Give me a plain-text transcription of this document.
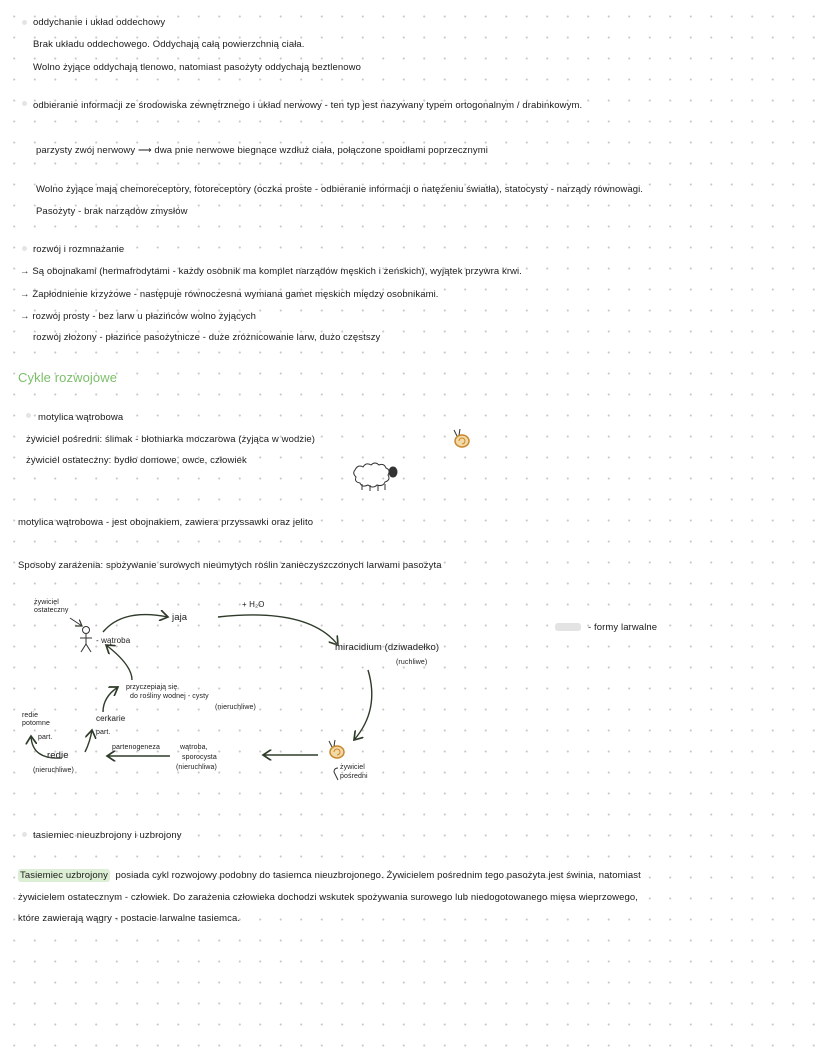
oddychanie i układ oddechowy
Brak układu oddechowego. Oddychają całą powierzchnią ciała.
Wolno żyjące oddychają tlenowo, natomiast pasożyty oddychają beztlenowo
odbieranie informacji ze środowiska zewnętrznego i układ nerwowy - ten typ jest nazywany typem ortogonalnym / drabinkowym.
parzysty zwój nerwowy ⟶ dwa pnie nerwowe biegnące wzdłuż ciała, połączone spoidłami poprzecznymi
Wolno żyjące mają chemoreceptory, fotoreceptory (oczka proste - odbieranie informacji o natężeniu światła), statocysty - narządy równowagi.
Pasożyty - brak narządów zmysłów
rozwój i rozmnażanie
→ Są obojnakami (hermafrodytami - każdy osobnik ma komplet narządów męskich i żeńskich), wyjątek przywra krwi.
→ Zapłodnienie krzyżowe - następuje równoczesna wymiana gamet męskich między osobnikami.
→ rozwój prosty - bez larw u płazińców wolno żyjących
rozwój złożony - płazińce pasożytnicze - duże zróżnicowanie larw, dużo częstszy
Cykle rozwojowe
motylica wątrobowa
żywiciel pośredni: ślimak - błotniarka moczarowa (żyjąca w wodzie)
żywiciel ostateczny: bydło domowe, owce, człowiek
motylica wątrobowa - jest obojnakiem, zawiera przyssawki oraz jelito
Sposoby zarażenia: spożywanie surowych nieumytych roślin zanieczyszczonych larwami pasożyta
żywiciel ostateczny
- wątroba
jaja
+ H₂O
miracidium (dziwadełko)
(ruchliwe)
- formy larwalne
żywiciel pośredni
partenogeneza	wątroba,
sporocysta
(nieruchliwa)
redie
(nieruchliwe)
redie potomne
part.
part.
cerkarie
przyczepiają się
do rośliny wodnej - cysty
(nieruchliwe)
tasiemiec nieuzbrojony i uzbrojony
Tasiemiec uzbrojony posiada cykl rozwojowy podobny do tasiemca nieuzbrojonego. Żywicielem pośrednim tego pasożyta jest świnia, natomiast
żywicielem ostatecznym - człowiek. Do zarażenia człowieka dochodzi wskutek spożywania surowego lub niedogotowanego mięsa wieprzowego,
które zawierają wągry - postacie larwalne tasiemca.
